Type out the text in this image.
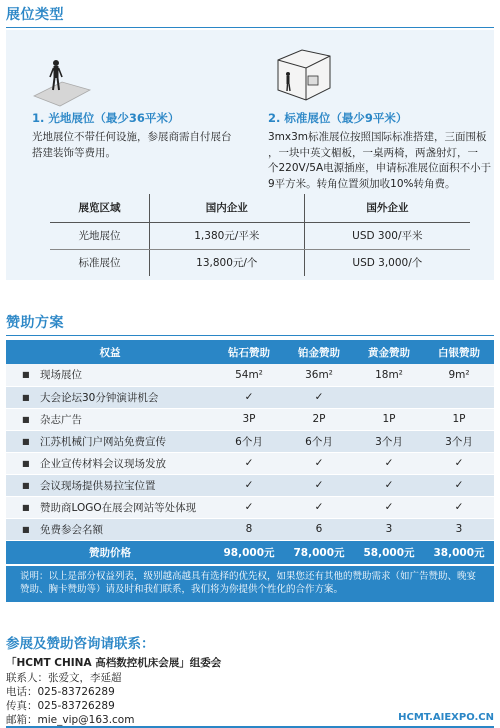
展位类型
1. 光地展位（最少36平米）
光地展位不带任何设施，参展商需自付展台
搭建装饰等费用。
2. 标准展位（最少9平米）
3mx3m标准展位按照国际标准搭建，三面围板
，一块中英文楣板，一桌两椅，两盏射灯，一
个220V/5A电源插座，申请标准展位面积不小于
9平方米。转角位置须加收10%转角费。
展览区域	国内企业	国外企业
光地展位	1,380元/平米	USD 300/平米
标准展位	13,800元/个	USD 3,000/个
赞助方案
权益	钻石赞助	铂金赞助	黄金赞助	白银赞助
■ 现场展位	54m²	36m²	18m²	9m²
■ 大会论坛30分钟演讲机会	✓	✓		
■ 杂志广告	3P	2P	1P	1P
■ 江苏机械门户网站免费宣传	6个月	6个月	3个月	3个月
■ 企业宣传材料会议现场发放	✓	✓	✓	✓
■ 会议现场提供易拉宝位置	✓	✓	✓	✓
■ 赞助商LOGO在展会网站等处体现	✓	✓	✓	✓
■ 免费参会名额	8	6	3	3
赞助价格	98,000元	78,000元	58,000元	38,000元
说明：以上是部分权益列表，级别越高越具有选择的优先权，如果您还有其他的赞助需求（如广告赞助、晚宴赞助、胸卡赞助等）请及时和我们联系，我们将为你提供个性化的合作方案。
参展及赞助咨询请联系：
「HCMT CHINA 高档数控机床会展」组委会
联系人：张爱文，李延超
电话：025-83726289
传真：025-83726289
邮箱：mie_vip@163.com	HCMT.AIEXPO.CN
